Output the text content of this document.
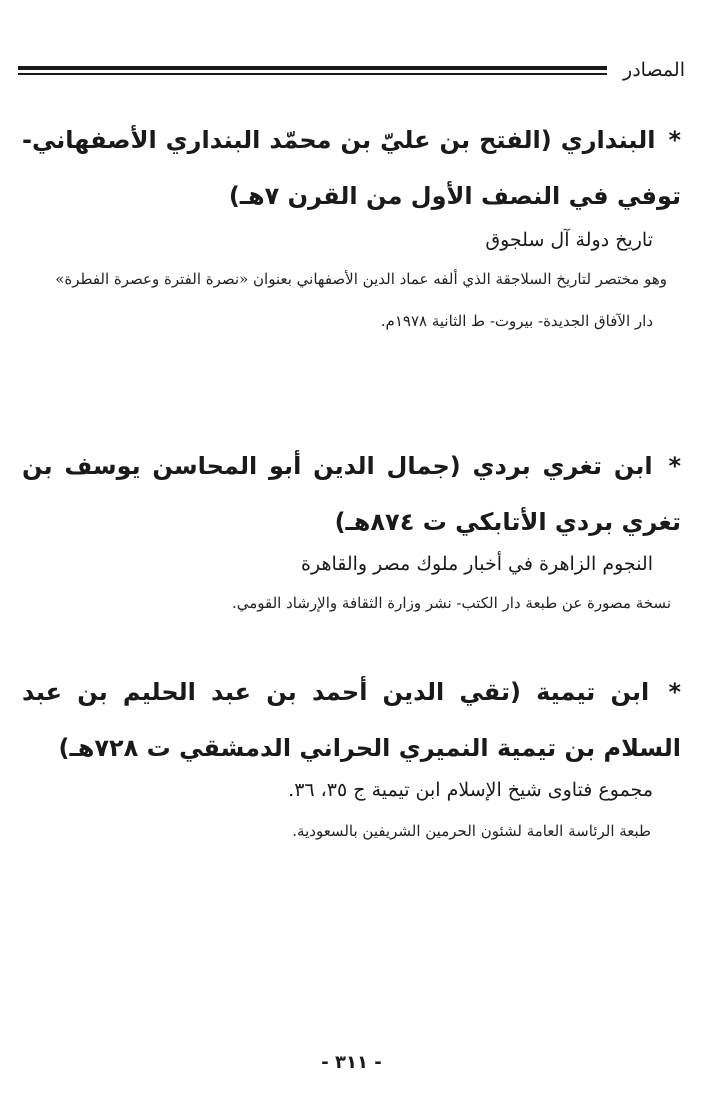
المصادر
* البنداري (الفتح بن عليّ بن محمّد البنداري الأصفهاني- توفي في النصف الأول من القرن ٧هـ)
تاريخ دولة آل سلجوق
وهو مختصر لتاريخ السلاجقة الذي ألفه عماد الدين الأصفهاني بعنوان «نصرة الفترة وعصرة الفطرة»
دار الآفاق الجديدة- بيروت- ط الثانية ١٩٧٨م.
* ابن تغري بردي (جمال الدين أبو المحاسن يوسف بن تغري بردي الأتابكي ت ٨٧٤هـ)
النجوم الزاهرة في أخبار ملوك مصر والقاهرة
نسخة مصورة عن طبعة دار الكتب- نشر وزارة الثقافة والإرشاد القومي.
* ابن تيمية (تقي الدين أحمد بن عبد الحليم بن عبد السلام بن تيمية النميري الحراني الدمشقي ت ٧٢٨هـ)
مجموع فتاوى شيخ الإسلام ابن تيمية ج ٣٥، ٣٦.
طبعة الرئاسة العامة لشئون الحرمين الشريفين بالسعودية.
- ٣١١ -
